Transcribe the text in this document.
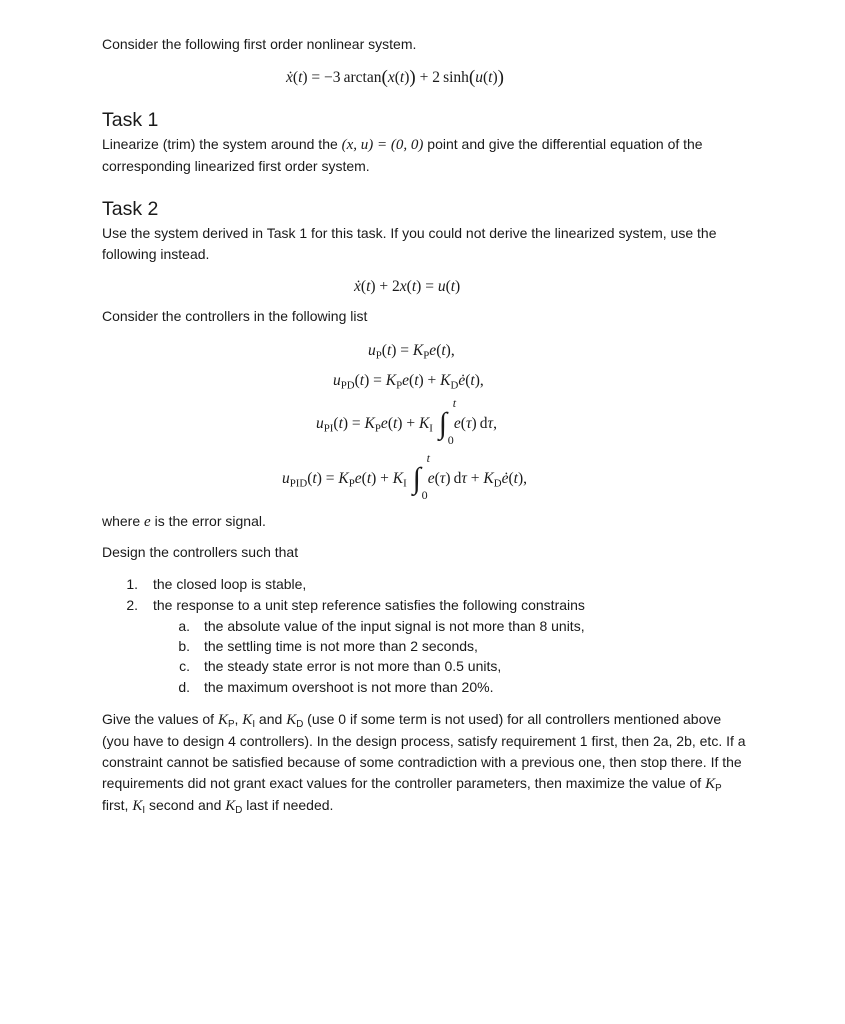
Consider the following first order nonlinear system.
ẋ(t) = −3  arctan(x(t)) + 2  sinh(u(t))
Task 1
Linearize (trim) the system around the (x, u) = (0, 0) point and give the differential equation of the corresponding linearized first order system.
Task 2
Use the system derived in Task 1 for this task. If you could not derive the linearized system, use the following instead.
ẋ(t) + 2x(t) = u(t)
Consider the controllers in the following list
$u_P(t) = K_Pe(t)$,
$u_{PD}(t) = K_Pe(t)$ + $K_Dė(t)$,
$u_{PI}(t) = K_Pe(t) + K_I$ ∫
t
0
e(τ) dτ,
$u_{PID}(t) = K_Pe(t) + K_I$ ∫
t
0
e(τ) $d\tau + K_Dė(t)$,
where e is the error signal.
Design the controllers such that
1. the closed loop is stable,
2. the response to a unit step reference satisfies the following constrains
a. the absolute value of the input signal is not more than 8 units,
b. the settling time is not more than 2 seconds,
c. the steady state error is not more than 0.5 units,
d. the maximum overshoot is not more than 20%.
Give the values of $K_P$, $K_I$ and $K_D$ (use 0 if some term is not used) for all controllers mentioned above (you have to design 4 controllers). In the design process, satisfy requirement 1 first, then 2a, 2b, etc. If a constraint cannot be satisfied because of some contradiction with a previous one, then stop there. If the requirements did not grant exact values for the controller parameters, then maximize the value of $K_P$ first, $K_I$ second and $K_D$ last if needed.
